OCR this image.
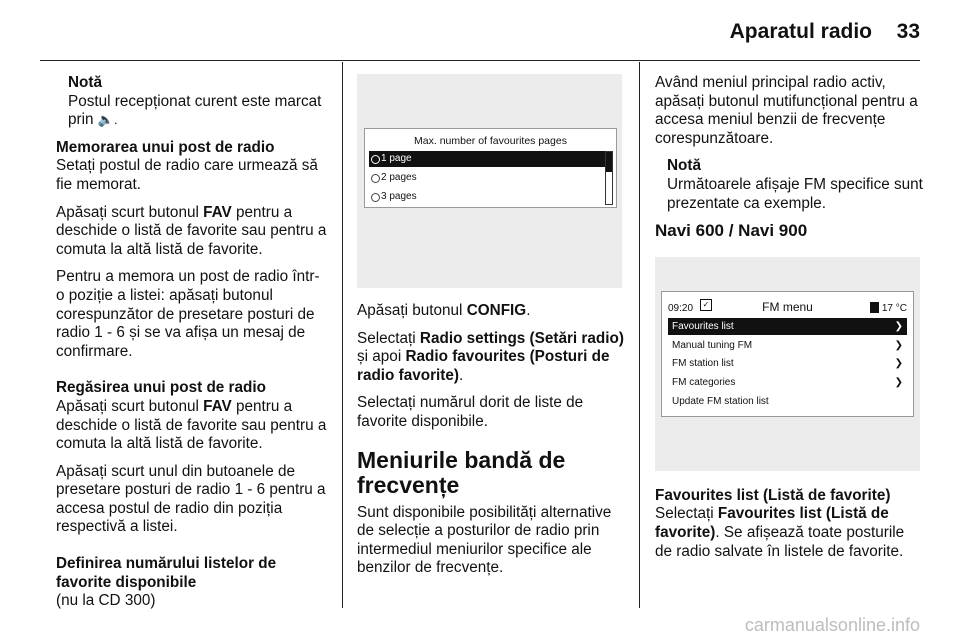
Aparatul radio 33
Notă
Postul recepționat curent este marcat prin 🔈.
Memorarea unui post de radio

Setați postul de radio care urmează să fie memorat.

Apăsați scurt butonul FAV pentru a deschide o listă de favorite sau pentru a comuta la altă listă de favorite.

Pentru a memora un post de radio într-o poziție a listei: apăsați butonul corespunzător de presetare posturi de radio 1 - 6 și se va afișa un mesaj de confirmare.

Regăsirea unui post de radio

Apăsați scurt butonul FAV pentru a deschide o listă de favorite sau pentru a comuta la altă listă de favorite.

Apăsați scurt unul din butoanele de presetare posturi de radio 1 - 6 pentru a accesa postul de radio din poziția respectivă a listei.

Definirea numărului listelor de favorite disponibile

(nu la CD 300)

Max. number of favourites pages
1 page
2 pages
3 pages

Apăsați butonul CONFIG.

Selectați Radio settings (Setări radio) și apoi Radio favourites (Posturi de radio favorite).

Selectați numărul dorit de liste de favorite disponibile.

Meniurile bandă de frecvențe

Sunt disponibile posibilități alternative de selecție a posturilor de radio prin intermediul meniurilor specifice ale benzilor de frecvențe.

Având meniul principal radio activ, apăsați butonul mutifuncțional pentru a accesa meniul benzii de frecvențe corespunzătoare.

Notă
Următoarele afișaje FM specifice sunt prezentate ca exemple.
Navi 600 / Navi 900
09:20	✓	FM menu	17 °C
Favourites list	❯
Manual tuning FM	❯
FM station list	❯
FM categories	❯
Update FM station list
Favourites list (Listă de favorite)

Selectați Favourites list (Listă de favorite). Se afișează toate posturile de radio salvate în listele de favorite.

carmanualsonline.info
